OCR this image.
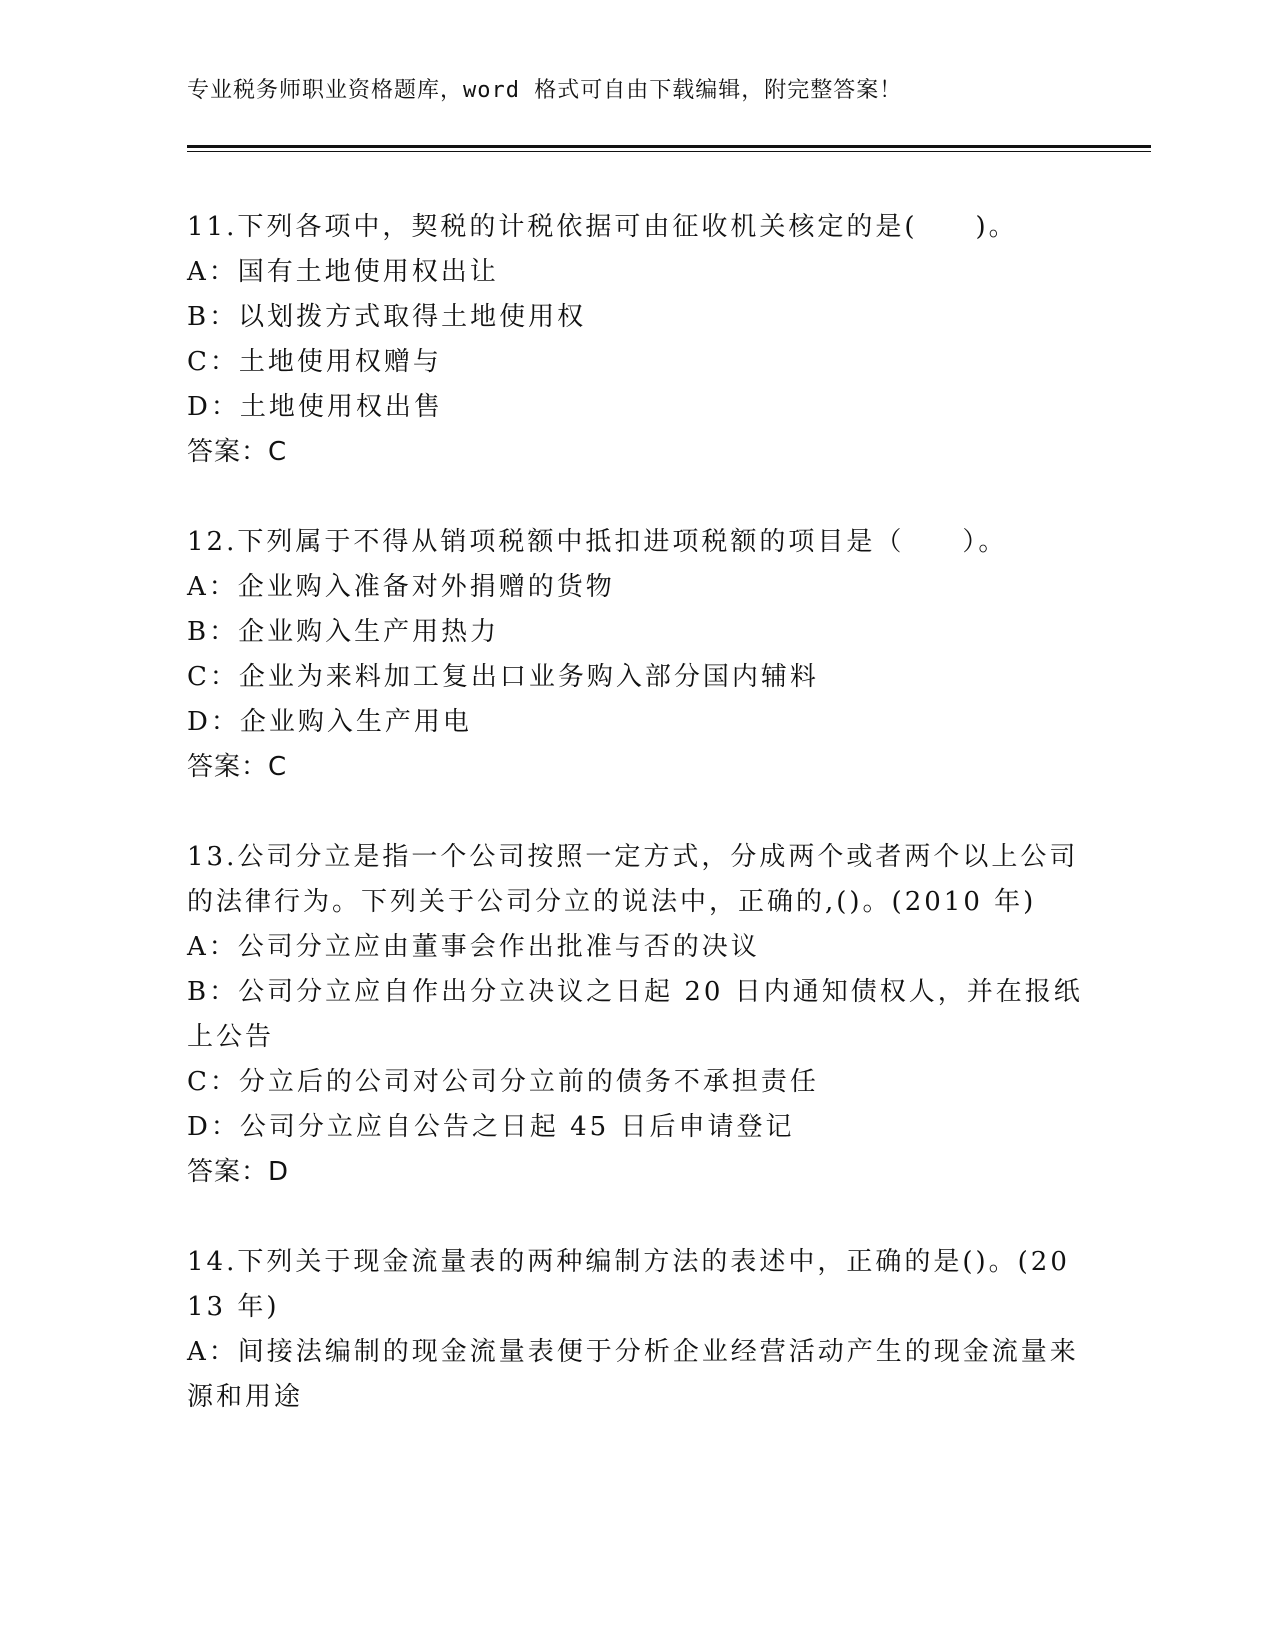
专业税务师职业资格题库，word 格式可自由下载编辑，附完整答案！

11.下列各项中，契税的计税依据可由征收机关核定的是(　　)。

A：国有土地使用权出让

B：以划拨方式取得土地使用权

C：土地使用权赠与

D：土地使用权出售

答案：C

12.下列属于不得从销项税额中抵扣进项税额的项目是（　　）。

A：企业购入准备对外捐赠的货物

B：企业购入生产用热力

C：企业为来料加工复出口业务购入部分国内辅料

D：企业购入生产用电

答案：C

13.公司分立是指一个公司按照一定方式，分成两个或者两个以上公司的法律行为。下列关于公司分立的说法中，正确的,()。(2010 年)

A：公司分立应由董事会作出批准与否的决议

B：公司分立应自作出分立决议之日起 20 日内通知债权人，并在报纸上公告

C：分立后的公司对公司分立前的债务不承担责任

D：公司分立应自公告之日起 45 日后申请登记

答案：D

14.下列关于现金流量表的两种编制方法的表述中，正确的是()。(2013 年)

A：间接法编制的现金流量表便于分析企业经营活动产生的现金流量来源和用途
